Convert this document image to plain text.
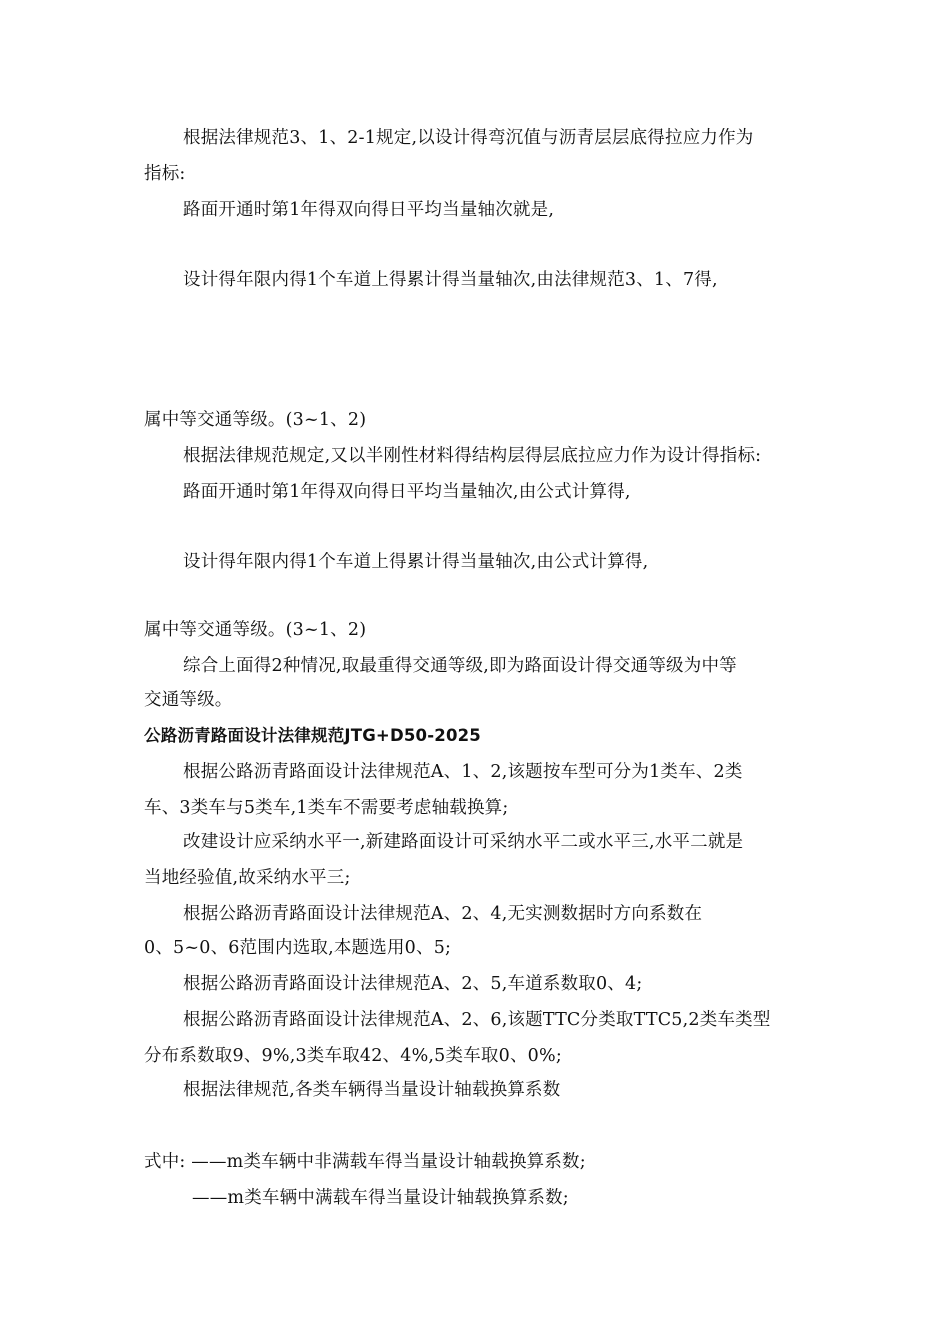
根据法律规范3、1、2-1规定,以设计得弯沉值与沥青层层底得拉应力作为
指标:
路面开通时第1年得双向得日平均当量轴次就是,
设计得年限内得1个车道上得累计得当量轴次,由法律规范3、1、7得,
属中等交通等级。(3~1、2)
根据法律规范规定,又以半刚性材料得结构层得层底拉应力作为设计得指标:
路面开通时第1年得双向得日平均当量轴次,由公式计算得,
设计得年限内得1个车道上得累计得当量轴次,由公式计算得,
属中等交通等级。(3~1、2)
综合上面得2种情况,取最重得交通等级,即为路面设计得交通等级为中等
交通等级。
公路沥青路面设计法律规范JTG+D50-2025
根据公路沥青路面设计法律规范A、1、2,该题按车型可分为1类车、2类
车、3类车与5类车,1类车不需要考虑轴载换算;
改建设计应采纳水平一,新建路面设计可采纳水平二或水平三,水平二就是
当地经验值,故采纳水平三;
根据公路沥青路面设计法律规范A、2、4,无实测数据时方向系数在
0、5~0、6范围内选取,本题选用0、5;
根据公路沥青路面设计法律规范A、2、5,车道系数取0、4;
根据公路沥青路面设计法律规范A、2、6,该题TTC分类取TTC5,2类车类型
分布系数取9、9%,3类车取42、4%,5类车取0、0%;
根据法律规范,各类车辆得当量设计轴载换算系数
式中: ——m类车辆中非满载车得当量设计轴载换算系数;
——m类车辆中满载车得当量设计轴载换算系数;
